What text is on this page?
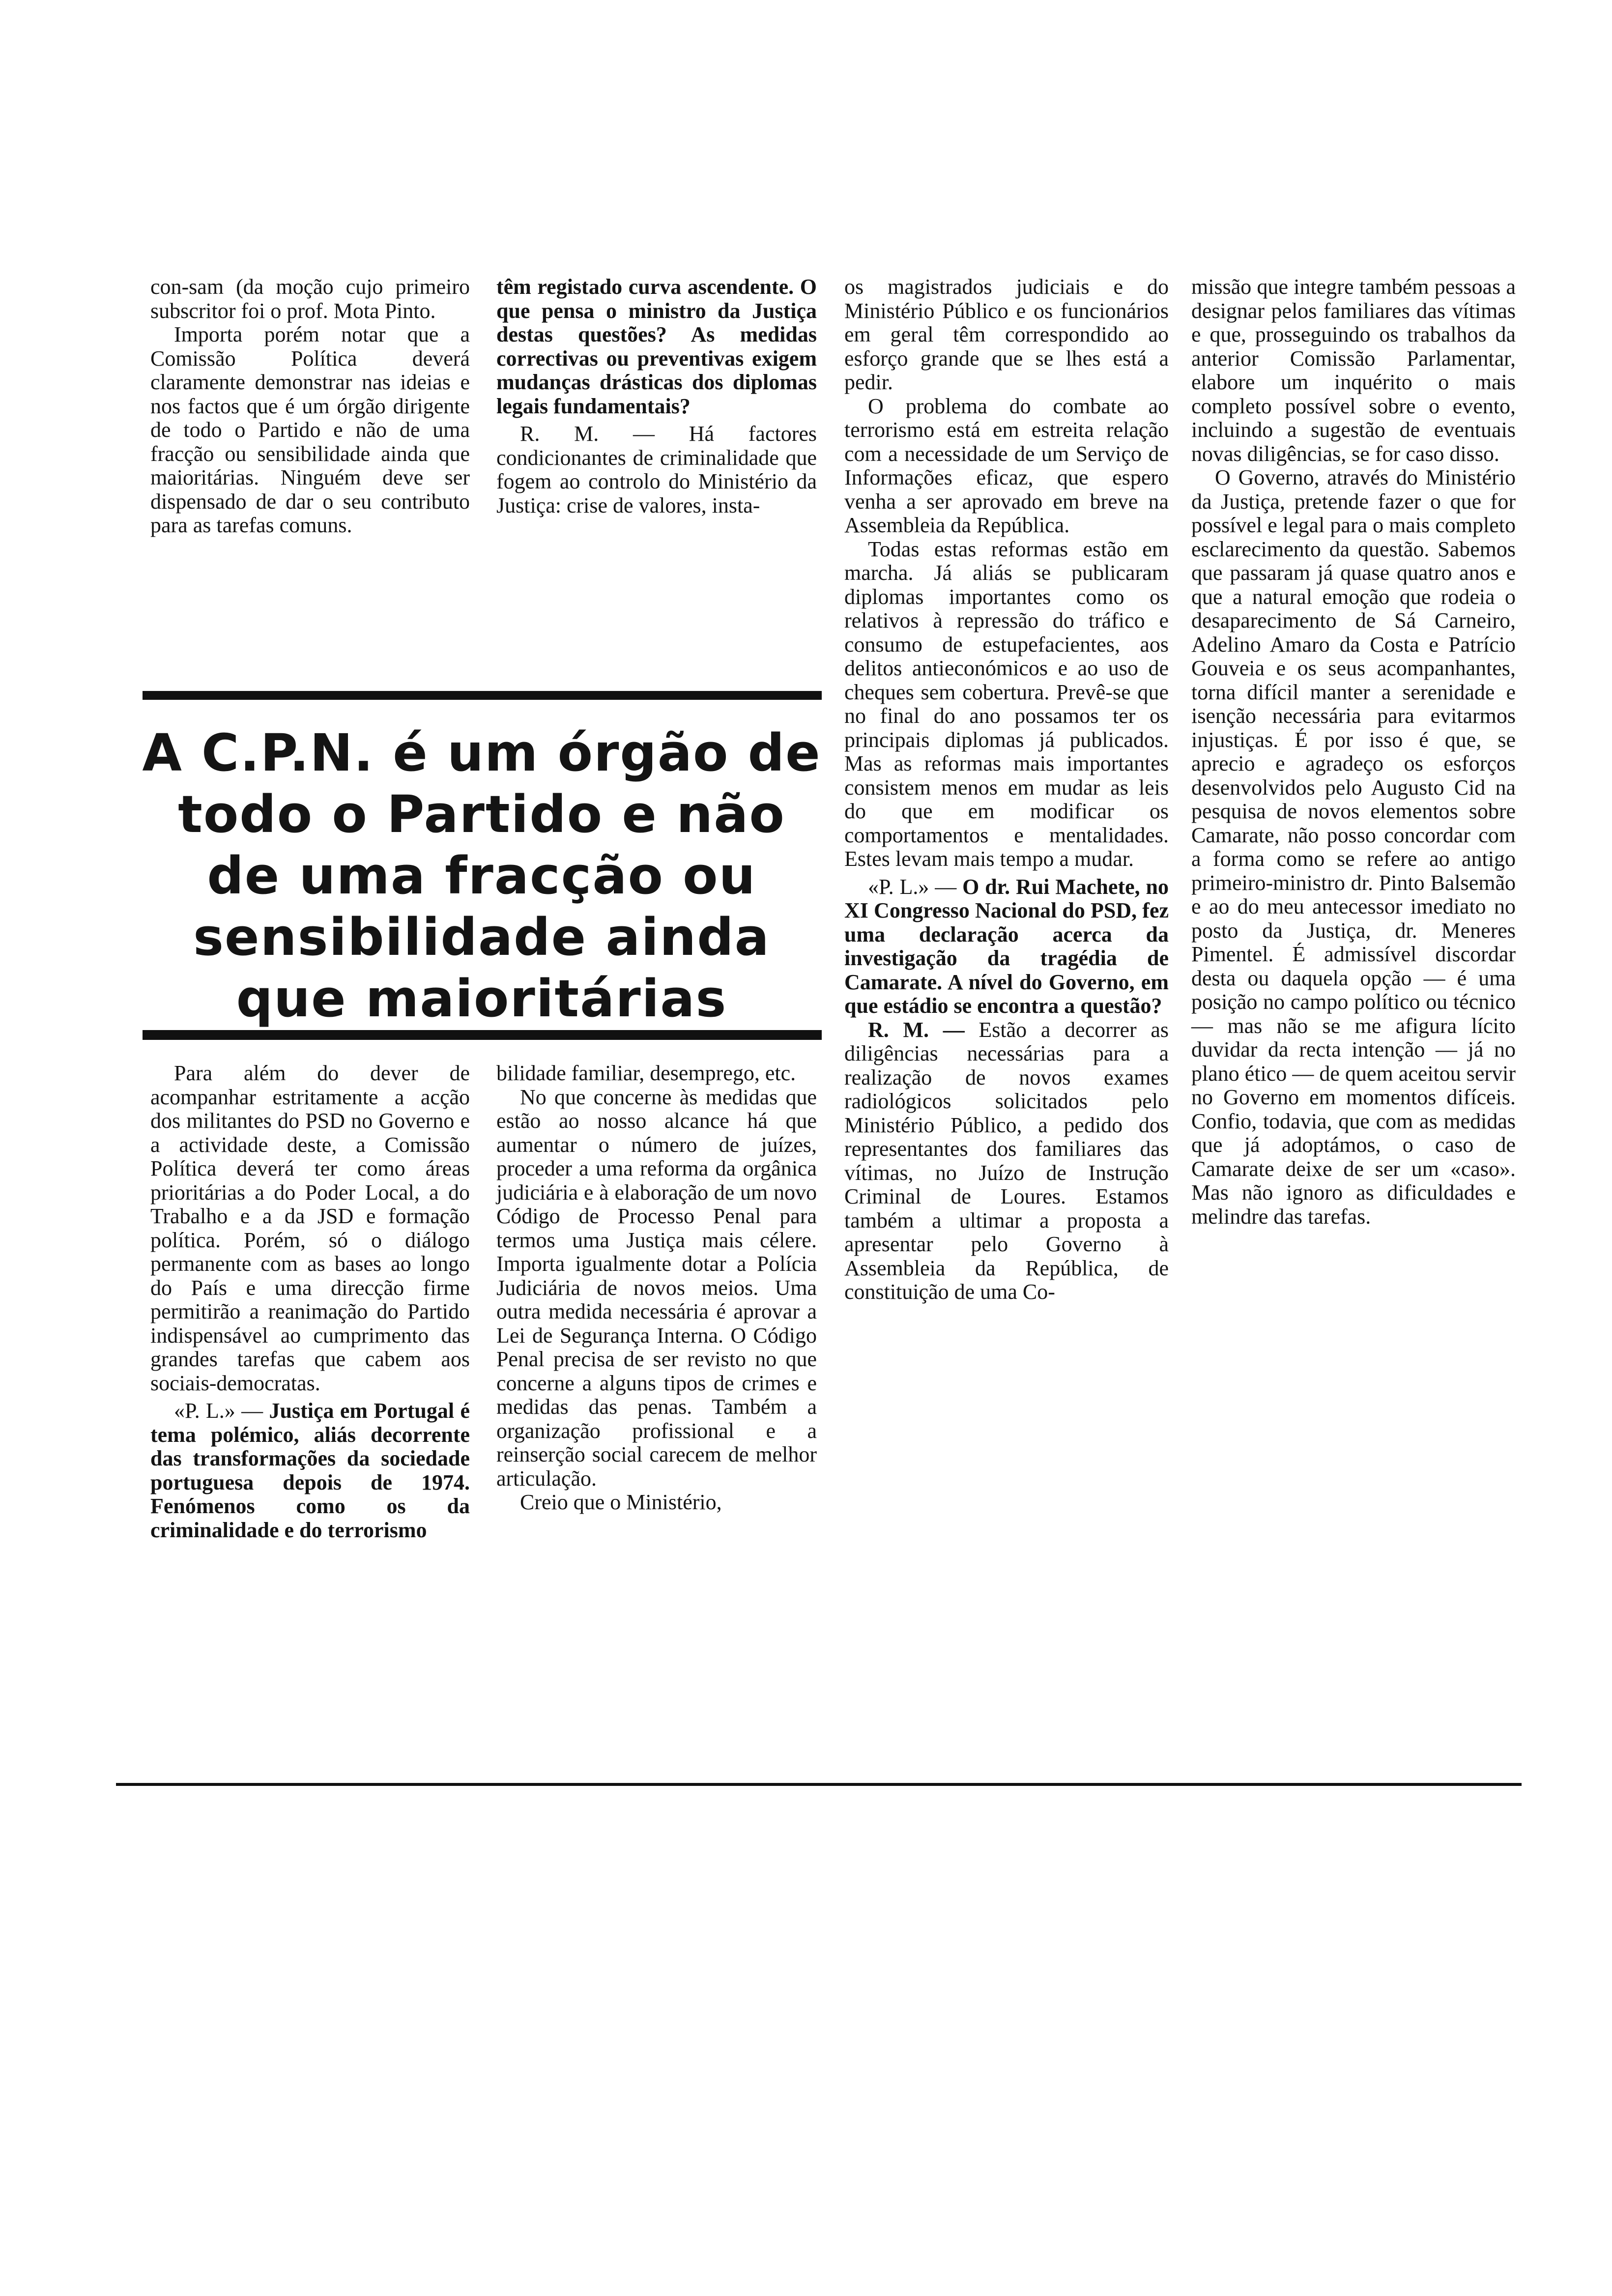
con-sam (da moção cujo primeiro subscritor foi o prof. Mota Pinto.

Importa porém notar que a Comissão Política deverá claramente demonstrar nas ideias e nos factos que é um órgão dirigente de todo o Partido e não de uma fracção ou sensibilidade ainda que maioritárias. Ninguém deve ser dispensado de dar o seu contributo para as tarefas comuns.

têm registado curva ascendente. O que pensa o ministro da Justiça destas questões? As medidas correctivas ou preventivas exigem mudanças drásticas dos diplomas legais fundamentais?

R. M. — Há factores condicionantes de criminalidade que fogem ao controlo do Ministério da Justiça: crise de valores, insta-

A C.P.N. é um órgão de
todo o Partido e não
de uma fracção ou
sensibilidade ainda
que maioritárias

Para além do dever de acompanhar estritamente a acção dos militantes do PSD no Governo e a actividade deste, a Comissão Política deverá ter como áreas prioritárias a do Poder Local, a do Trabalho e a da JSD e formação política. Porém, só o diálogo permanente com as bases ao longo do País e uma direcção firme permitirão a reanimação do Partido indispensável ao cumprimento das grandes tarefas que cabem aos sociais-democratas.

«P. L.» — Justiça em Portugal é tema polémico, aliás decorrente das transformações da sociedade portuguesa depois de 1974. Fenómenos como os da criminalidade e do terrorismo

bilidade familiar, desemprego, etc.

No que concerne às medidas que estão ao nosso alcance há que aumentar o número de juízes, proceder a uma reforma da orgânica judiciária e à elaboração de um novo Código de Processo Penal para termos uma Justiça mais célere. Importa igualmente dotar a Polícia Judiciária de novos meios. Uma outra medida necessária é aprovar a Lei de Segurança Interna. O Código Penal precisa de ser revisto no que concerne a alguns tipos de crimes e medidas das penas. Também a organização profissional e a reinserção social carecem de melhor articulação.

Creio que o Ministério,

os magistrados judiciais e do Ministério Público e os funcionários em geral têm correspondido ao esforço grande que se lhes está a pedir.

O problema do combate ao terrorismo está em estreita relação com a necessidade de um Serviço de Informações eficaz, que espero venha a ser aprovado em breve na Assembleia da República.

Todas estas reformas estão em marcha. Já aliás se publicaram diplomas importantes como os relativos à repressão do tráfico e consumo de estupefacientes, aos delitos antieconómicos e ao uso de cheques sem cobertura. Prevê-se que no final do ano possamos ter os principais diplomas já publicados. Mas as reformas mais importantes consistem menos em mudar as leis do que em modificar os comportamentos e mentalidades. Estes levam mais tempo a mudar.

«P. L.» — O dr. Rui Machete, no XI Congresso Nacional do PSD, fez uma declaração acerca da investigação da tragédia de Camarate. A nível do Governo, em que estádio se encontra a questão?

R. M. — Estão a decorrer as diligências necessárias para a realização de novos exames radiológicos solicitados pelo Ministério Público, a pedido dos representantes dos familiares das vítimas, no Juízo de Instrução Criminal de Loures. Estamos também a ultimar a proposta a apresentar pelo Governo à Assembleia da República, de constituição de uma Co-

missão que integre também pessoas a designar pelos familiares das vítimas e que, prosseguindo os trabalhos da anterior Comissão Parlamentar, elabore um inquérito o mais completo possível sobre o evento, incluindo a sugestão de eventuais novas diligências, se for caso disso.

O Governo, através do Ministério da Justiça, pretende fazer o que for possível e legal para o mais completo esclarecimento da questão. Sabemos que passaram já quase quatro anos e que a natural emoção que rodeia o desaparecimento de Sá Carneiro, Adelino Amaro da Costa e Patrício Gouveia e os seus acompanhantes, torna difícil manter a serenidade e isenção necessária para evitarmos injustiças. É por isso é que, se aprecio e agradeço os esforços desenvolvidos pelo Augusto Cid na pesquisa de novos elementos sobre Camarate, não posso concordar com a forma como se refere ao antigo primeiro-ministro dr. Pinto Balsemão e ao do meu antecessor imediato no posto da Justiça, dr. Meneres Pimentel. É admissível discordar desta ou daquela opção — é uma posição no campo político ou técnico — mas não se me afigura lícito duvidar da recta intenção — já no plano ético — de quem aceitou servir no Governo em momentos difíceis. Confio, todavia, que com as medidas que já adoptámos, o caso de Camarate deixe de ser um «caso». Mas não ignoro as dificuldades e melindre das tarefas.
